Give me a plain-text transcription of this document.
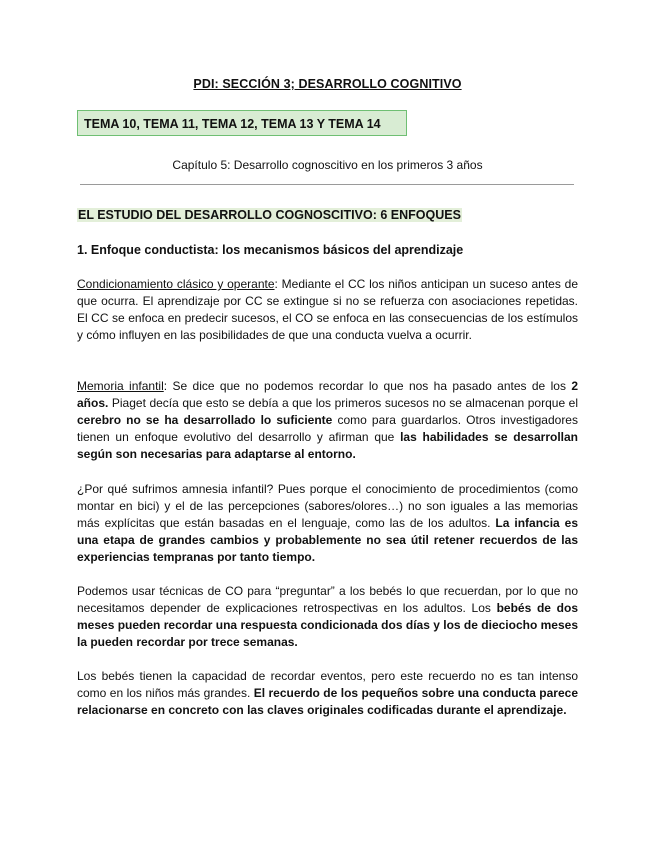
PDI: SECCIÓN 3; DESARROLLO COGNITIVO
TEMA 10, TEMA 11, TEMA 12, TEMA 13 Y TEMA 14
Capítulo 5: Desarrollo cognoscitivo en los primeros 3 años
EL ESTUDIO DEL DESARROLLO COGNOSCITIVO: 6 ENFOQUES
1. Enfoque conductista: los mecanismos básicos del aprendizaje

Condicionamiento clásico y operante: Mediante el CC los niños anticipan un suceso antes de que ocurra. El aprendizaje por CC se extingue si no se refuerza con asociaciones repetidas. El CC se enfoca en predecir sucesos, el CO se enfoca en las consecuencias de los estímulos y cómo influyen en las posibilidades de que una conducta vuelva a ocurrir.

Memoria infantil: Se dice que no podemos recordar lo que nos ha pasado antes de los 2 años. Piaget decía que esto se debía a que los primeros sucesos no se almacenan porque el cerebro no se ha desarrollado lo suficiente como para guardarlos. Otros investigadores tienen un enfoque evolutivo del desarrollo y afirman que las habilidades se desarrollan según son necesarias para adaptarse al entorno.

¿Por qué sufrimos amnesia infantil? Pues porque el conocimiento de procedimientos (como montar en bici) y el de las percepciones (sabores/olores…) no son iguales a las memorias más explícitas que están basadas en el lenguaje, como las de los adultos. La infancia es una etapa de grandes cambios y probablemente no sea útil retener recuerdos de las experiencias tempranas por tanto tiempo.

Podemos usar técnicas de CO para “preguntar” a los bebés lo que recuerdan, por lo que no necesitamos depender de explicaciones retrospectivas en los adultos. Los bebés de dos meses pueden recordar una respuesta condicionada dos días y los de dieciocho meses la pueden recordar por trece semanas.

Los bebés tienen la capacidad de recordar eventos, pero este recuerdo no es tan intenso como en los niños más grandes. El recuerdo de los pequeños sobre una conducta parece relacionarse en concreto con las claves originales codificadas durante el aprendizaje.
